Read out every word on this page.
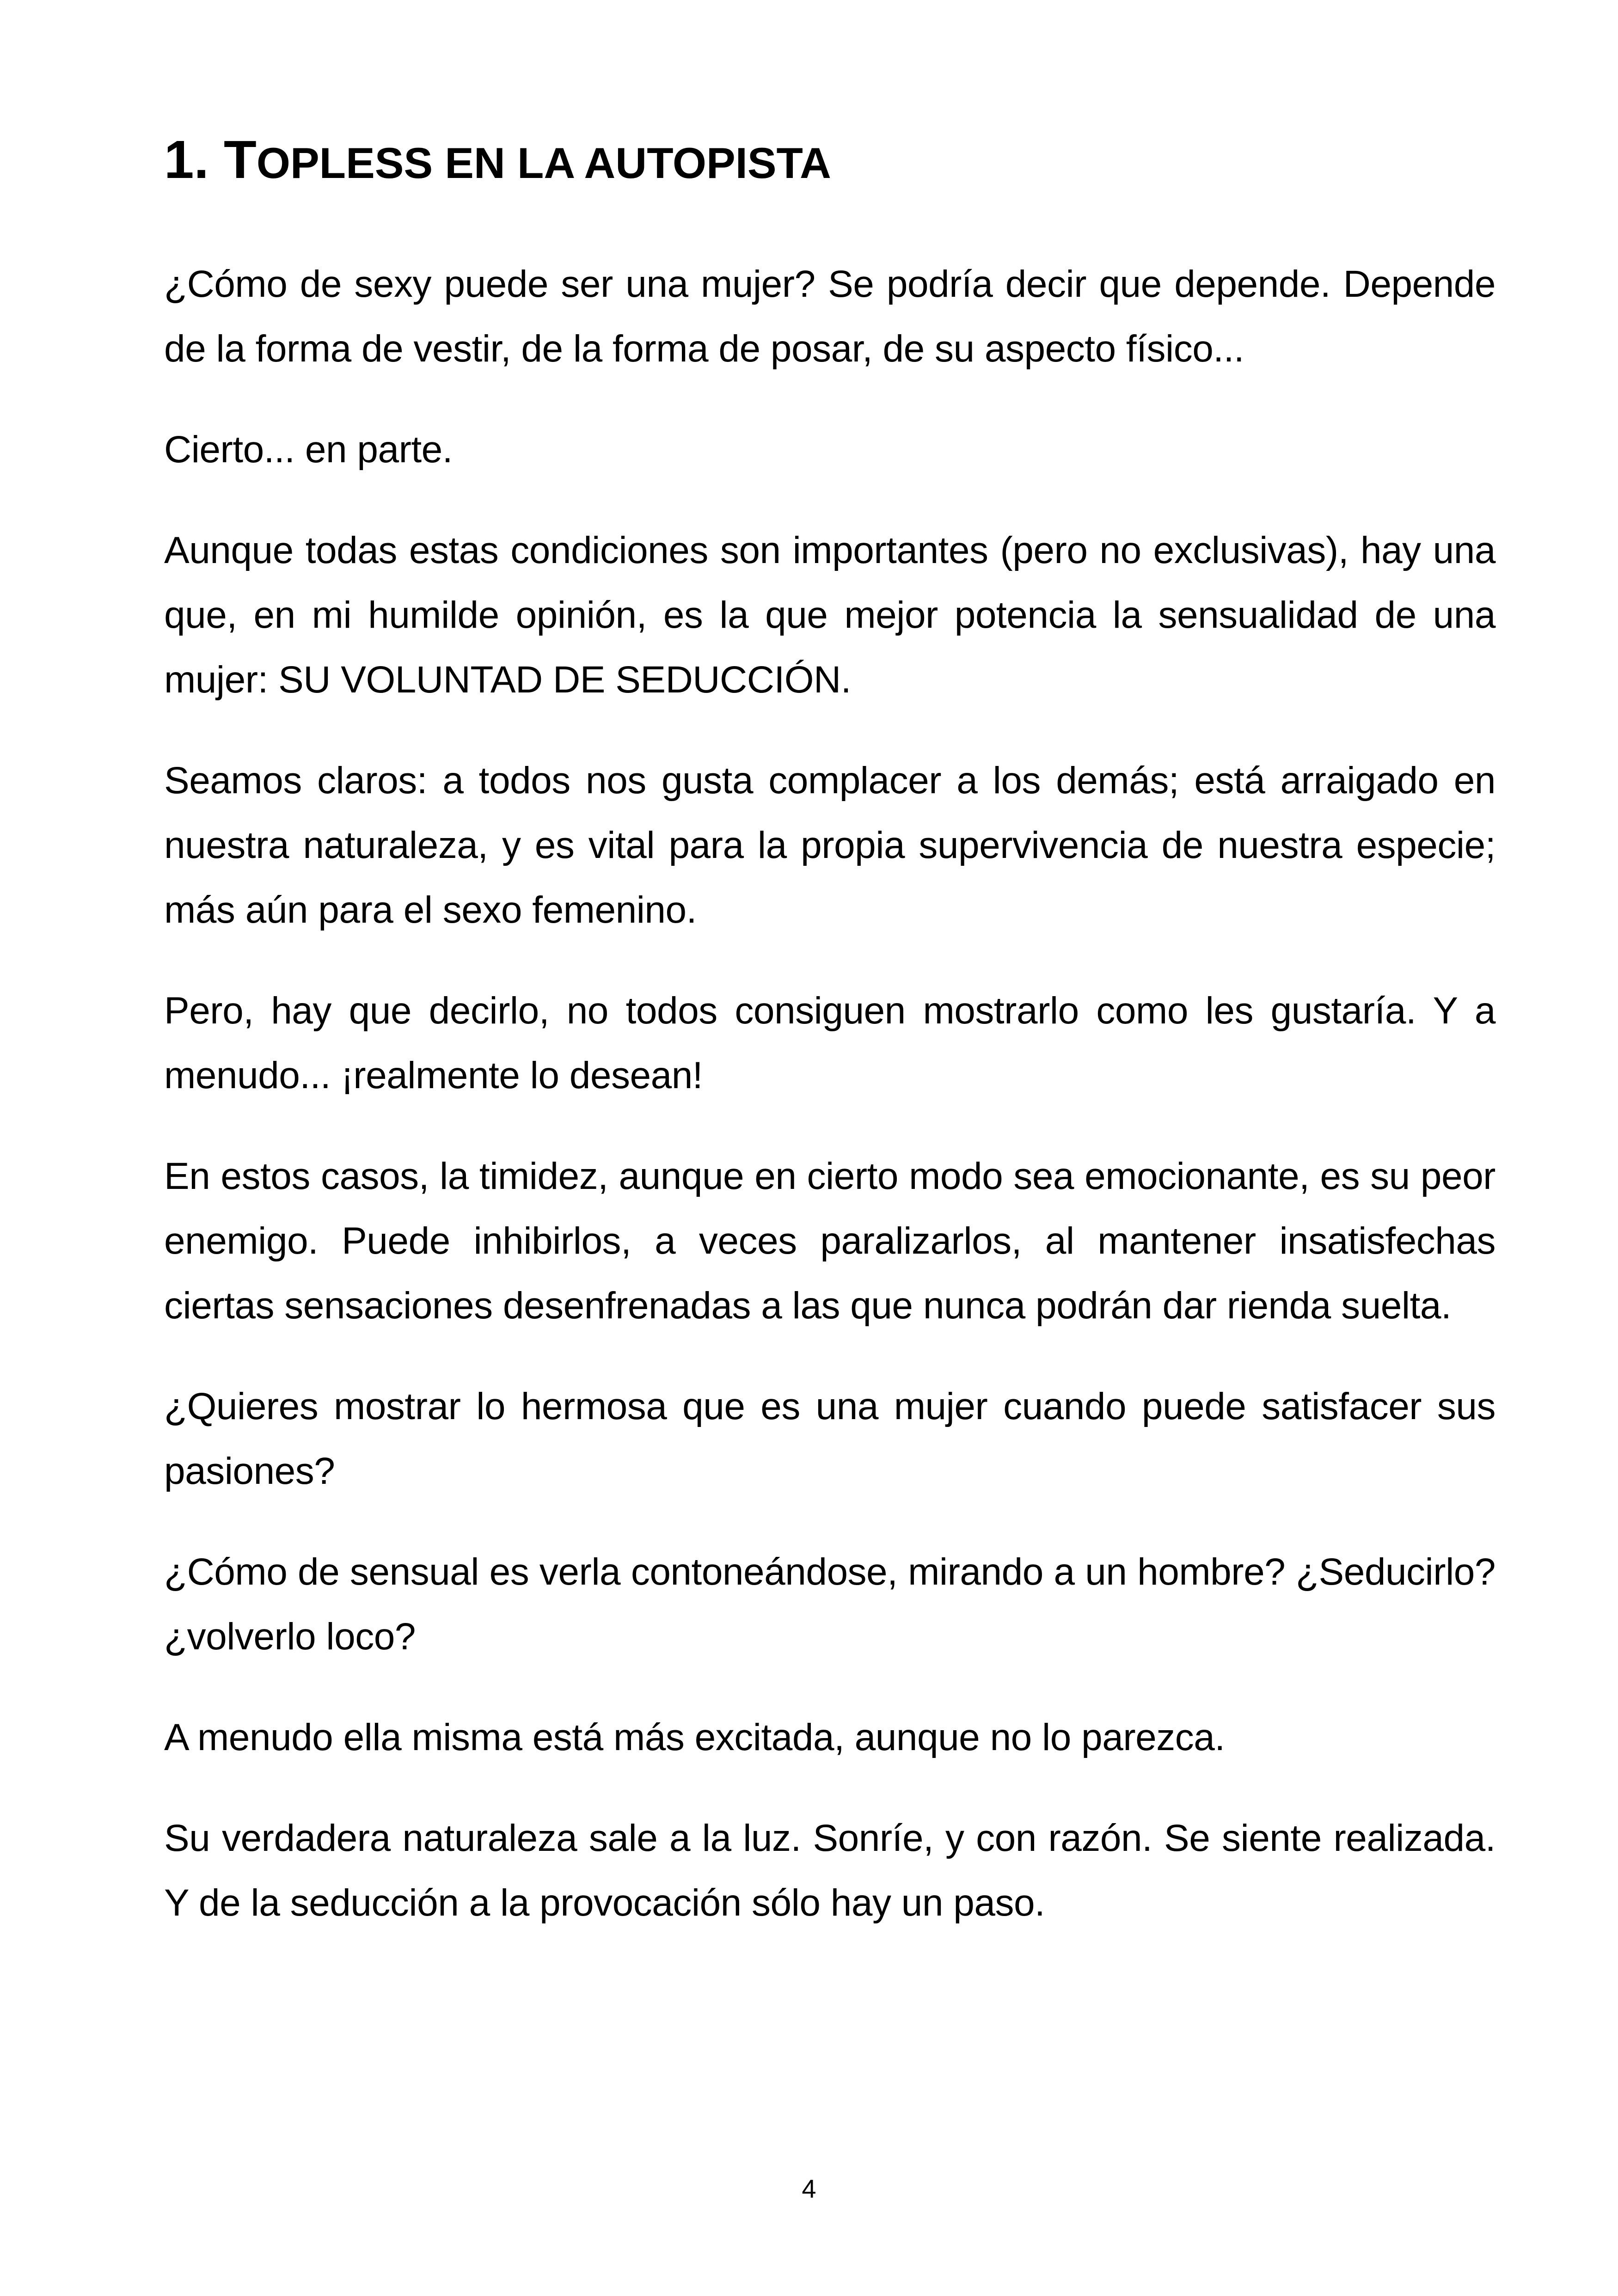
1. TOPLESS EN LA AUTOPISTA

¿Cómo de sexy puede ser una mujer? Se podría decir que depende. Depende de la forma de vestir, de la forma de posar, de su aspecto físico...

Cierto... en parte.

Aunque todas estas condiciones son importantes (pero no exclusivas), hay una que, en mi humilde opinión, es la que mejor potencia la sensualidad de una mujer: SU VOLUNTAD DE SEDUCCIÓN.

Seamos claros: a todos nos gusta complacer a los demás; está arraigado en nuestra naturaleza, y es vital para la propia supervivencia de nuestra especie; más aún para el sexo femenino.

Pero, hay que decirlo, no todos consiguen mostrarlo como les gustaría. Y a menudo... ¡realmente lo desean!

En estos casos, la timidez, aunque en cierto modo sea emocionante, es su peor enemigo. Puede inhibirlos, a veces paralizarlos, al mantener insatisfechas ciertas sensaciones desenfrenadas a las que nunca podrán dar rienda suelta.

¿Quieres mostrar lo hermosa que es una mujer cuando puede satisfacer sus pasiones?

¿Cómo de sensual es verla contoneándose, mirando a un hombre? ¿Seducirlo? ¿volverlo loco?

A menudo ella misma está más excitada, aunque no lo parezca.

Su verdadera naturaleza sale a la luz. Sonríe, y con razón. Se siente realizada. Y de la seducción a la provocación sólo hay un paso.

4
